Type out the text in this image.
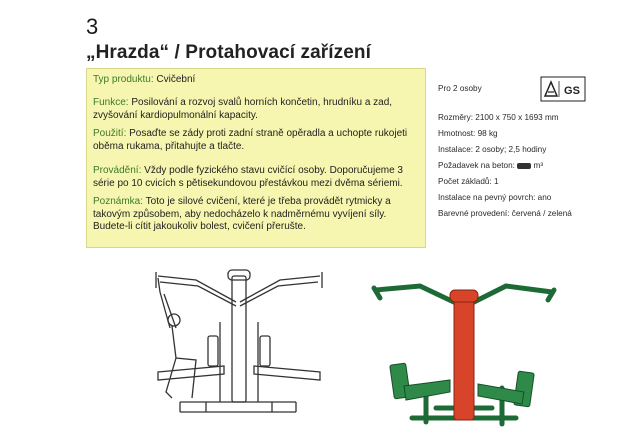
3
„Hrazda“ / Protahovací zařízení
Typ produktu: Cvičební
Funkce: Posilování a rozvoj svalů horních končetin, hrudníku a zad,
zvyšování kardiopulmonální kapacity.
Použití: Posaďte se zády proti zadní straně opěradla a uchopte rukojeti
oběma rukama, přitahujte a tlačte.
Provádění: Vždy podle fyzického stavu cvičící osoby. Doporučujeme 3
série po 10 cvicích s pětisekundovou přestávkou mezi dvěma sériemi.
Poznámka: Toto je silové cvičení, které je třeba provádět rytmicky a
takovým způsobem, aby nedocházelo k nadměrnému vyvíjení síly.
Budete-li cítit jakoukoliv bolest, cvičení přerušte.
Pro 2 osoby
Rozměry: 2100 x 750 x 1693 mm
Hmotnost: 98 kg
Instalace: 2 osoby; 2,5 hodiny
Požadavek na beton: m³
Počet základů: 1
Instalace na pevný povrch: ano
Barevné provedení: červená / zelená
GS
